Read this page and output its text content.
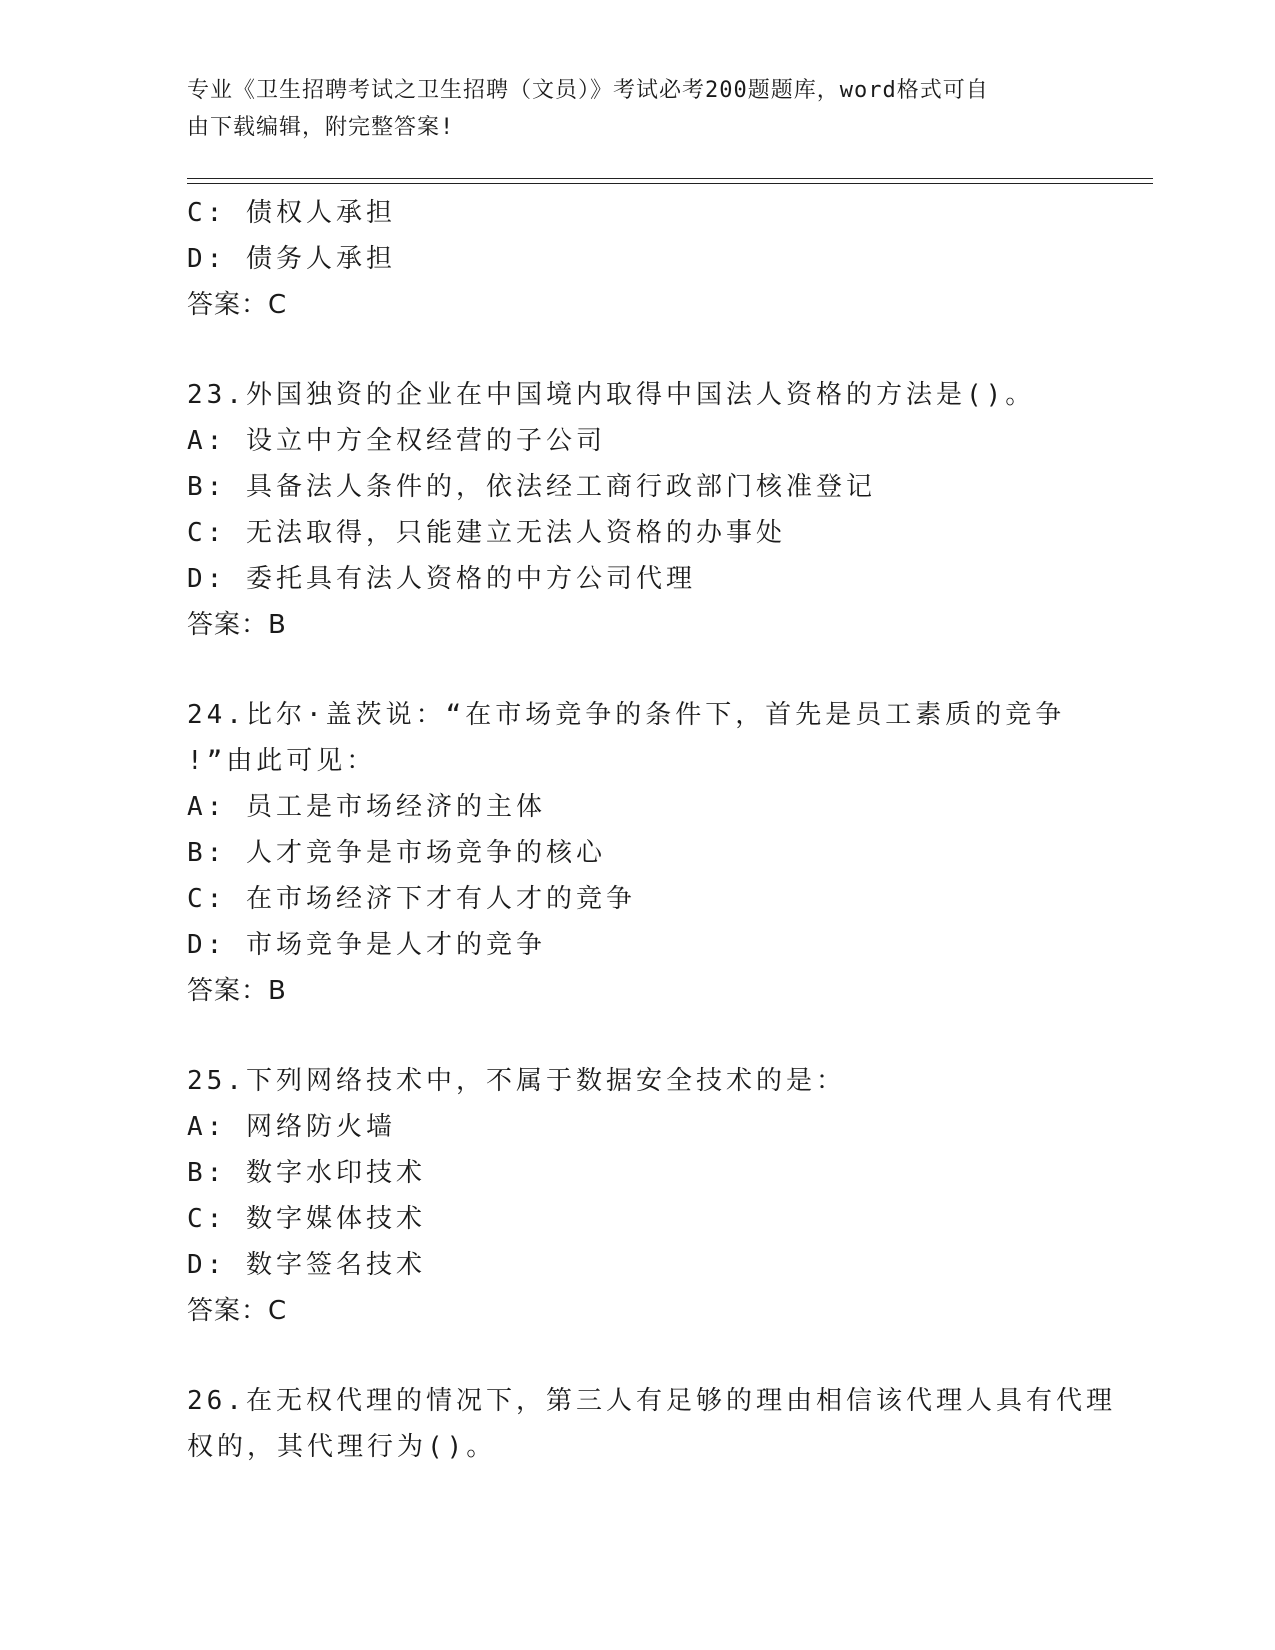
专业《卫生招聘考试之卫生招聘（文员）》考试必考200题题库，word格式可自
由下载编辑，附完整答案!
C: 债权人承担
D: 债务人承担
答案：C
23.外国独资的企业在中国境内取得中国法人资格的方法是()。
A: 设立中方全权经营的子公司
B: 具备法人条件的，依法经工商行政部门核准登记
C: 无法取得，只能建立无法人资格的办事处
D: 委托具有法人资格的中方公司代理
答案：B
24.比尔·盖茨说：“在市场竞争的条件下，首先是员工素质的竞争
!”由此可见：
A: 员工是市场经济的主体
B: 人才竞争是市场竞争的核心
C: 在市场经济下才有人才的竞争
D: 市场竞争是人才的竞争
答案：B
25.下列网络技术中，不属于数据安全技术的是：
A: 网络防火墙
B: 数字水印技术
C: 数字媒体技术
D: 数字签名技术
答案：C
26.在无权代理的情况下，第三人有足够的理由相信该代理人具有代理
权的，其代理行为()。
